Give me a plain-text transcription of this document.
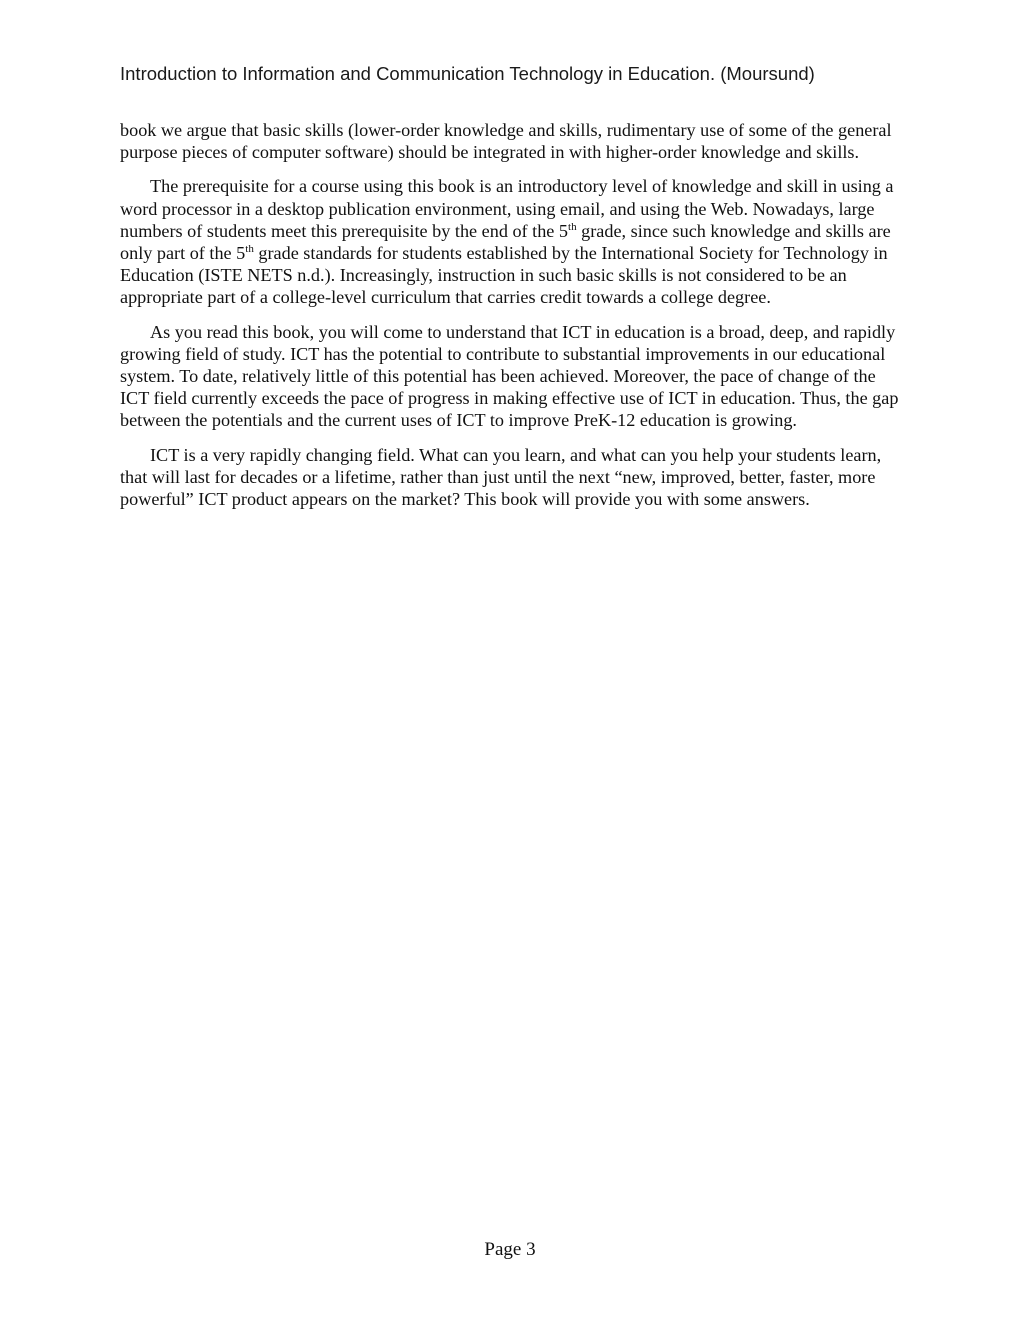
Introduction to Information and Communication Technology in Education. (Moursund)

book we argue that basic skills (lower-order knowledge and skills, rudimentary use of some of the general purpose pieces of computer software) should be integrated in with higher-order knowledge and skills.

The prerequisite for a course using this book is an introductory level of knowledge and skill in using a word processor in a desktop publication environment, using email, and using the Web. Nowadays, large numbers of students meet this prerequisite by the end of the 5th grade, since such knowledge and skills are only part of the 5th grade standards for students established by the International Society for Technology in Education (ISTE NETS n.d.). Increasingly, instruction in such basic skills is not considered to be an appropriate part of a college-level curriculum that carries credit towards a college degree.

As you read this book, you will come to understand that ICT in education is a broad, deep, and rapidly growing field of study. ICT has the potential to contribute to substantial improvements in our educational system. To date, relatively little of this potential has been achieved. Moreover, the pace of change of the ICT field currently exceeds the pace of progress in making effective use of ICT in education. Thus, the gap between the potentials and the current uses of ICT to improve PreK-12 education is growing.

ICT is a very rapidly changing field. What can you learn, and what can you help your students learn, that will last for decades or a lifetime, rather than just until the next “new, improved, better, faster, more powerful” ICT product appears on the market? This book will provide you with some answers.

Page 3
